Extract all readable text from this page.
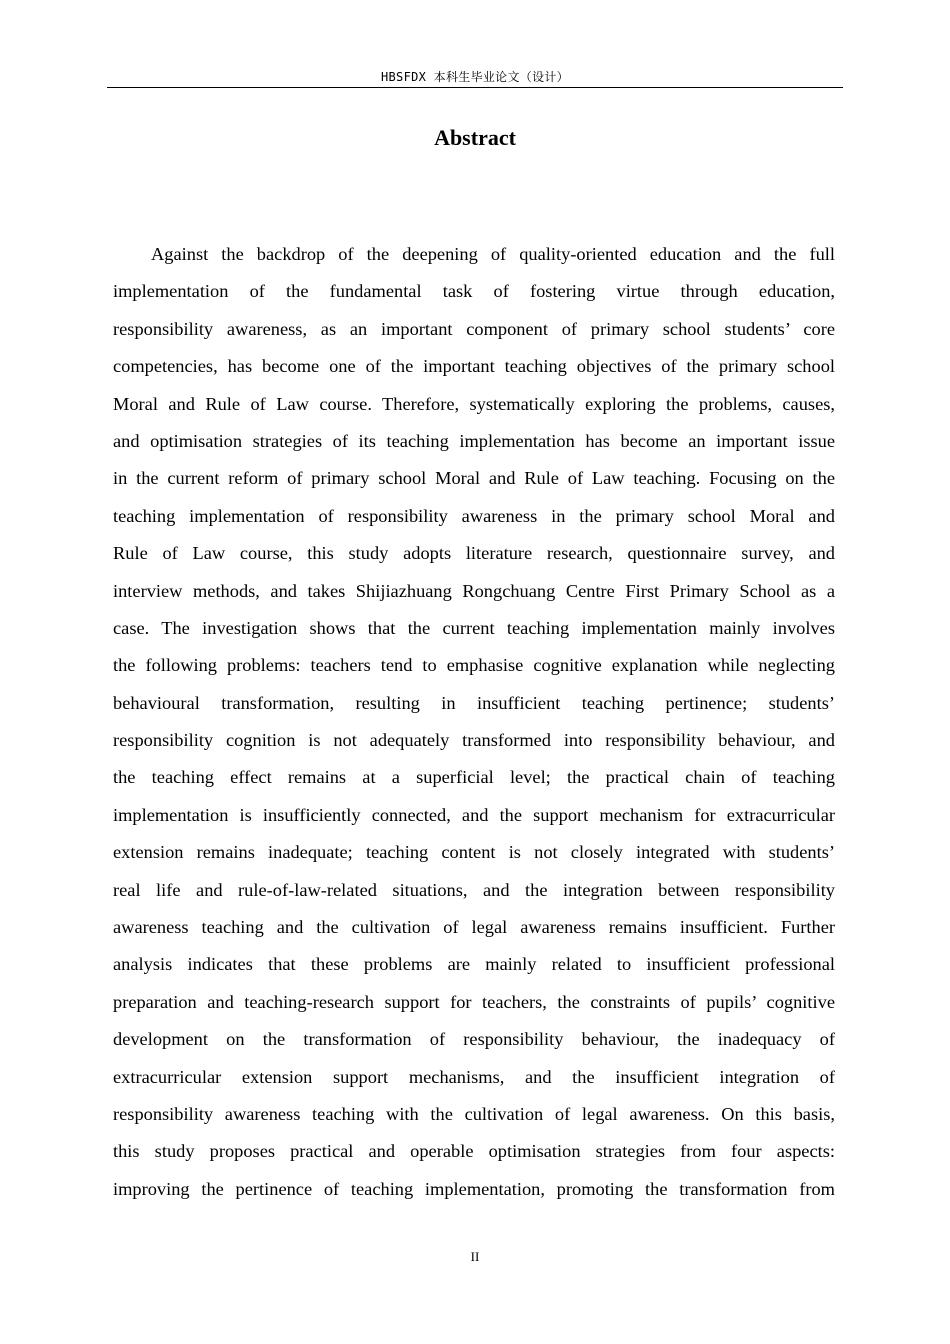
HBSFDX 本科生毕业论文（设计）
Abstract
Against the backdrop of the deepening of quality-oriented education and the full
implementation of the fundamental task of fostering virtue through education,
responsibility awareness, as an important component of primary school students’ core
competencies, has become one of the important teaching objectives of the primary school
Moral and Rule of Law course. Therefore, systematically exploring the problems, causes,
and optimisation strategies of its teaching implementation has become an important issue
in the current reform of primary school Moral and Rule of Law teaching. Focusing on the
teaching implementation of responsibility awareness in the primary school Moral and
Rule of Law course, this study adopts literature research, questionnaire survey, and
interview methods, and takes Shijiazhuang Rongchuang Centre First Primary School as a
case. The investigation shows that the current teaching implementation mainly involves
the following problems: teachers tend to emphasise cognitive explanation while neglecting
behavioural transformation, resulting in insufficient teaching pertinence; students’
responsibility cognition is not adequately transformed into responsibility behaviour, and
the teaching effect remains at a superficial level; the practical chain of teaching
implementation is insufficiently connected, and the support mechanism for extracurricular
extension remains inadequate; teaching content is not closely integrated with students’
real life and rule-of-law-related situations, and the integration between responsibility
awareness teaching and the cultivation of legal awareness remains insufficient. Further
analysis indicates that these problems are mainly related to insufficient professional
preparation and teaching-research support for teachers, the constraints of pupils’ cognitive
development on the transformation of responsibility behaviour, the inadequacy of
extracurricular extension support mechanisms, and the insufficient integration of
responsibility awareness teaching with the cultivation of legal awareness. On this basis,
this study proposes practical and operable optimisation strategies from four aspects:
improving the pertinence of teaching implementation, promoting the transformation from
II
